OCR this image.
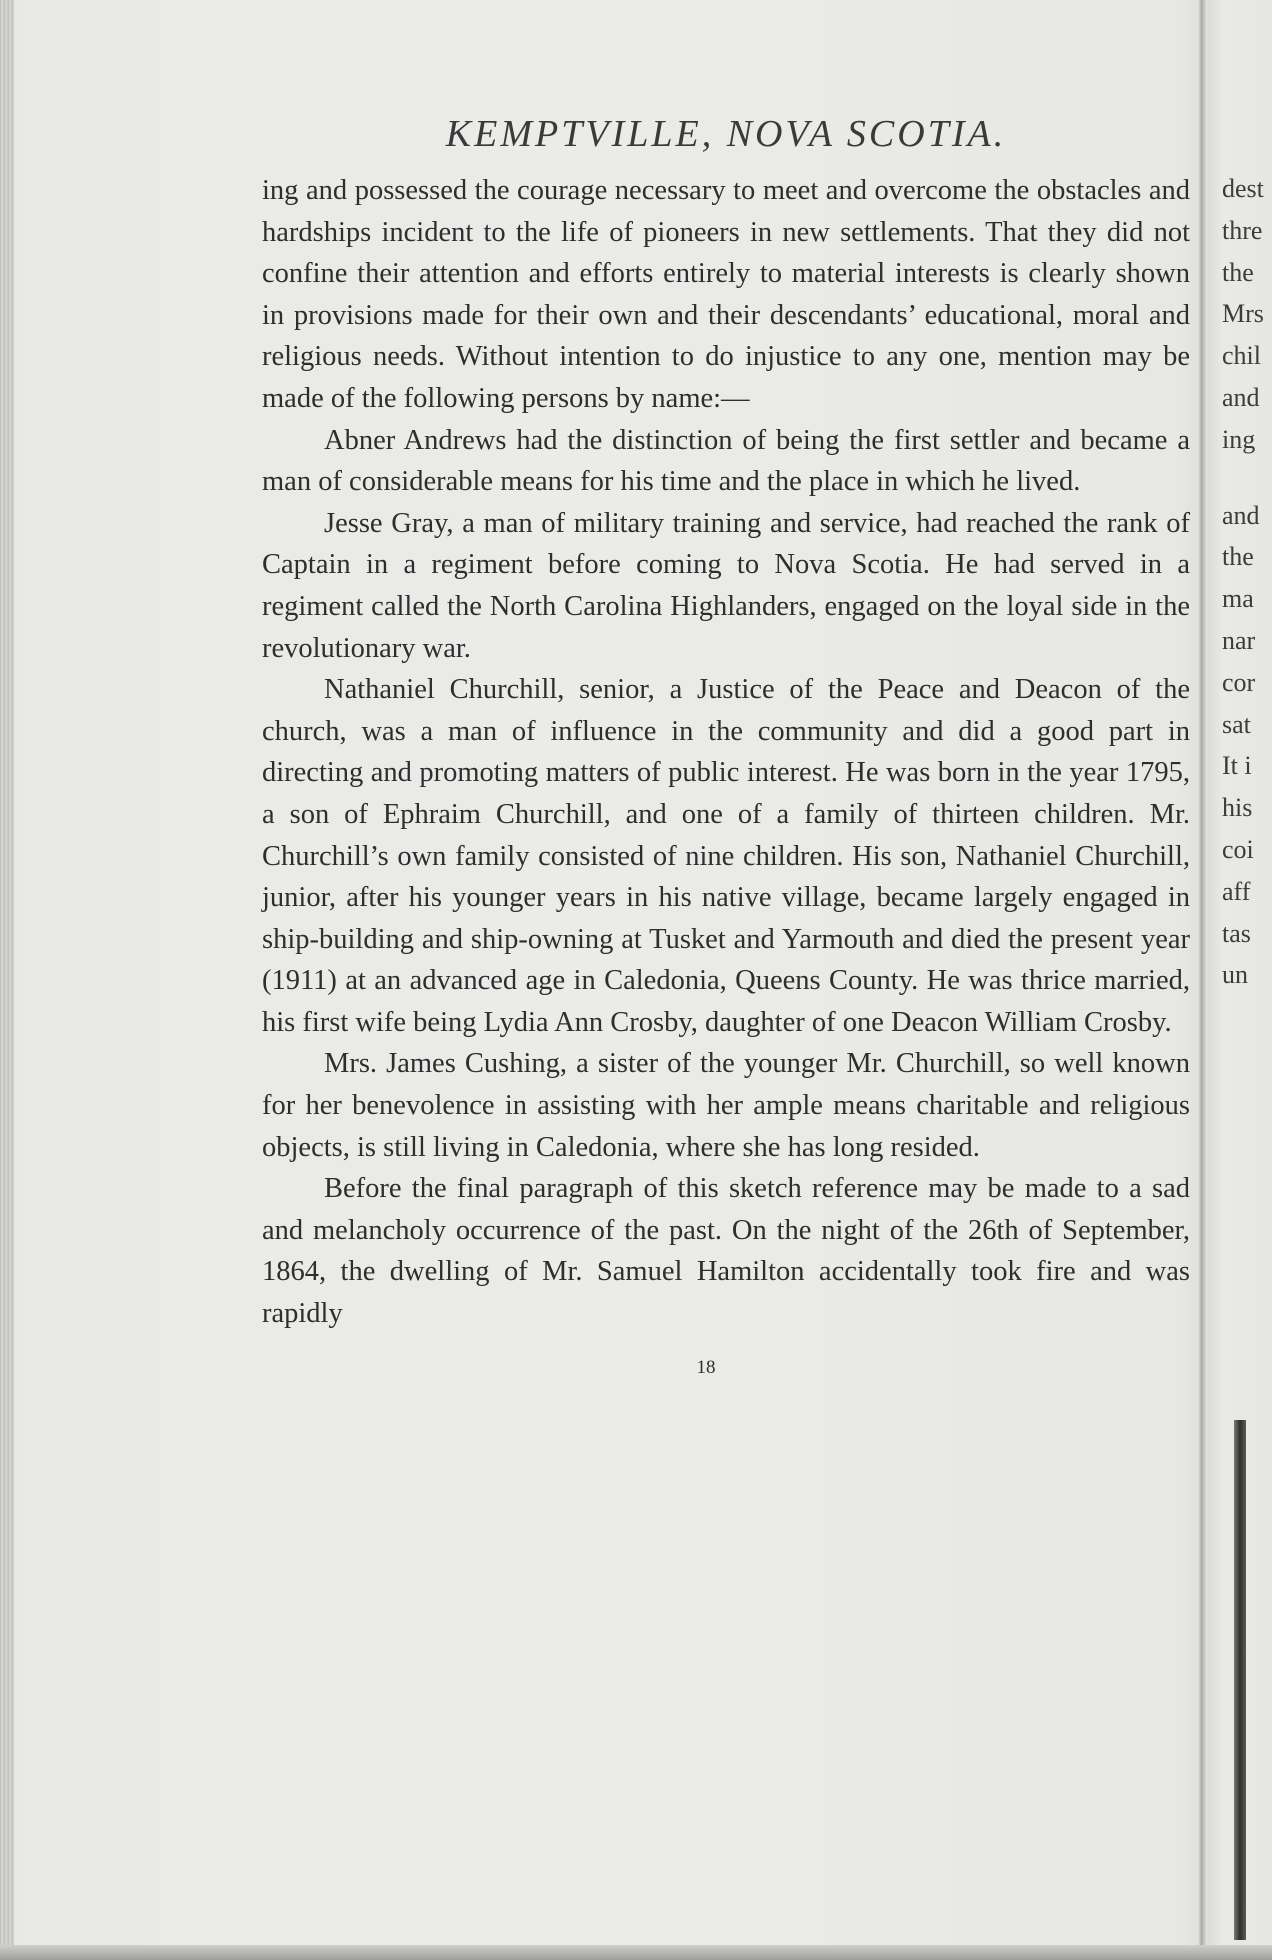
KEMPTVILLE, NOVA SCOTIA.

ing and possessed the courage necessary to meet and overcome the obstacles and hardships incident to the life of pioneers in new settlements. That they did not confine their attention and efforts entirely to material interests is clearly shown in provisions made for their own and their descendants’ educational, moral and religious needs. Without intention to do injustice to any one, mention may be made of the following persons by name:—

Abner Andrews had the distinction of being the first settler and became a man of considerable means for his time and the place in which he lived.

Jesse Gray, a man of military training and service, had reached the rank of Captain in a regiment before coming to Nova Scotia. He had served in a regiment called the North Carolina Highlanders, engaged on the loyal side in the revolutionary war.

Nathaniel Churchill, senior, a Justice of the Peace and Deacon of the church, was a man of influence in the community and did a good part in directing and promoting matters of public interest. He was born in the year 1795, a son of Ephraim Churchill, and one of a family of thirteen children. Mr. Churchill’s own family consisted of nine children. His son, Nathaniel Churchill, junior, after his younger years in his native village, became largely engaged in ship-building and ship-owning at Tusket and Yarmouth and died the present year (1911) at an advanced age in Caledonia, Queens County. He was thrice married, his first wife being Lydia Ann Crosby, daughter of one Deacon William Crosby.

Mrs. James Cushing, a sister of the younger Mr. Churchill, so well known for her benevolence in assisting with her ample means charitable and religious objects, is still living in Caledonia, where she has long resided.

Before the final paragraph of this sketch reference may be made to a sad and melancholy occurrence of the past. On the night of the 26th of September, 1864, the dwelling of Mr. Samuel Hamilton accidentally took fire and was rapidly

18
dest
thre
the
Mrs
chil
and
ing
and
the
ma
nar
cor
sat
It i
his
coi
aff
tas
un
